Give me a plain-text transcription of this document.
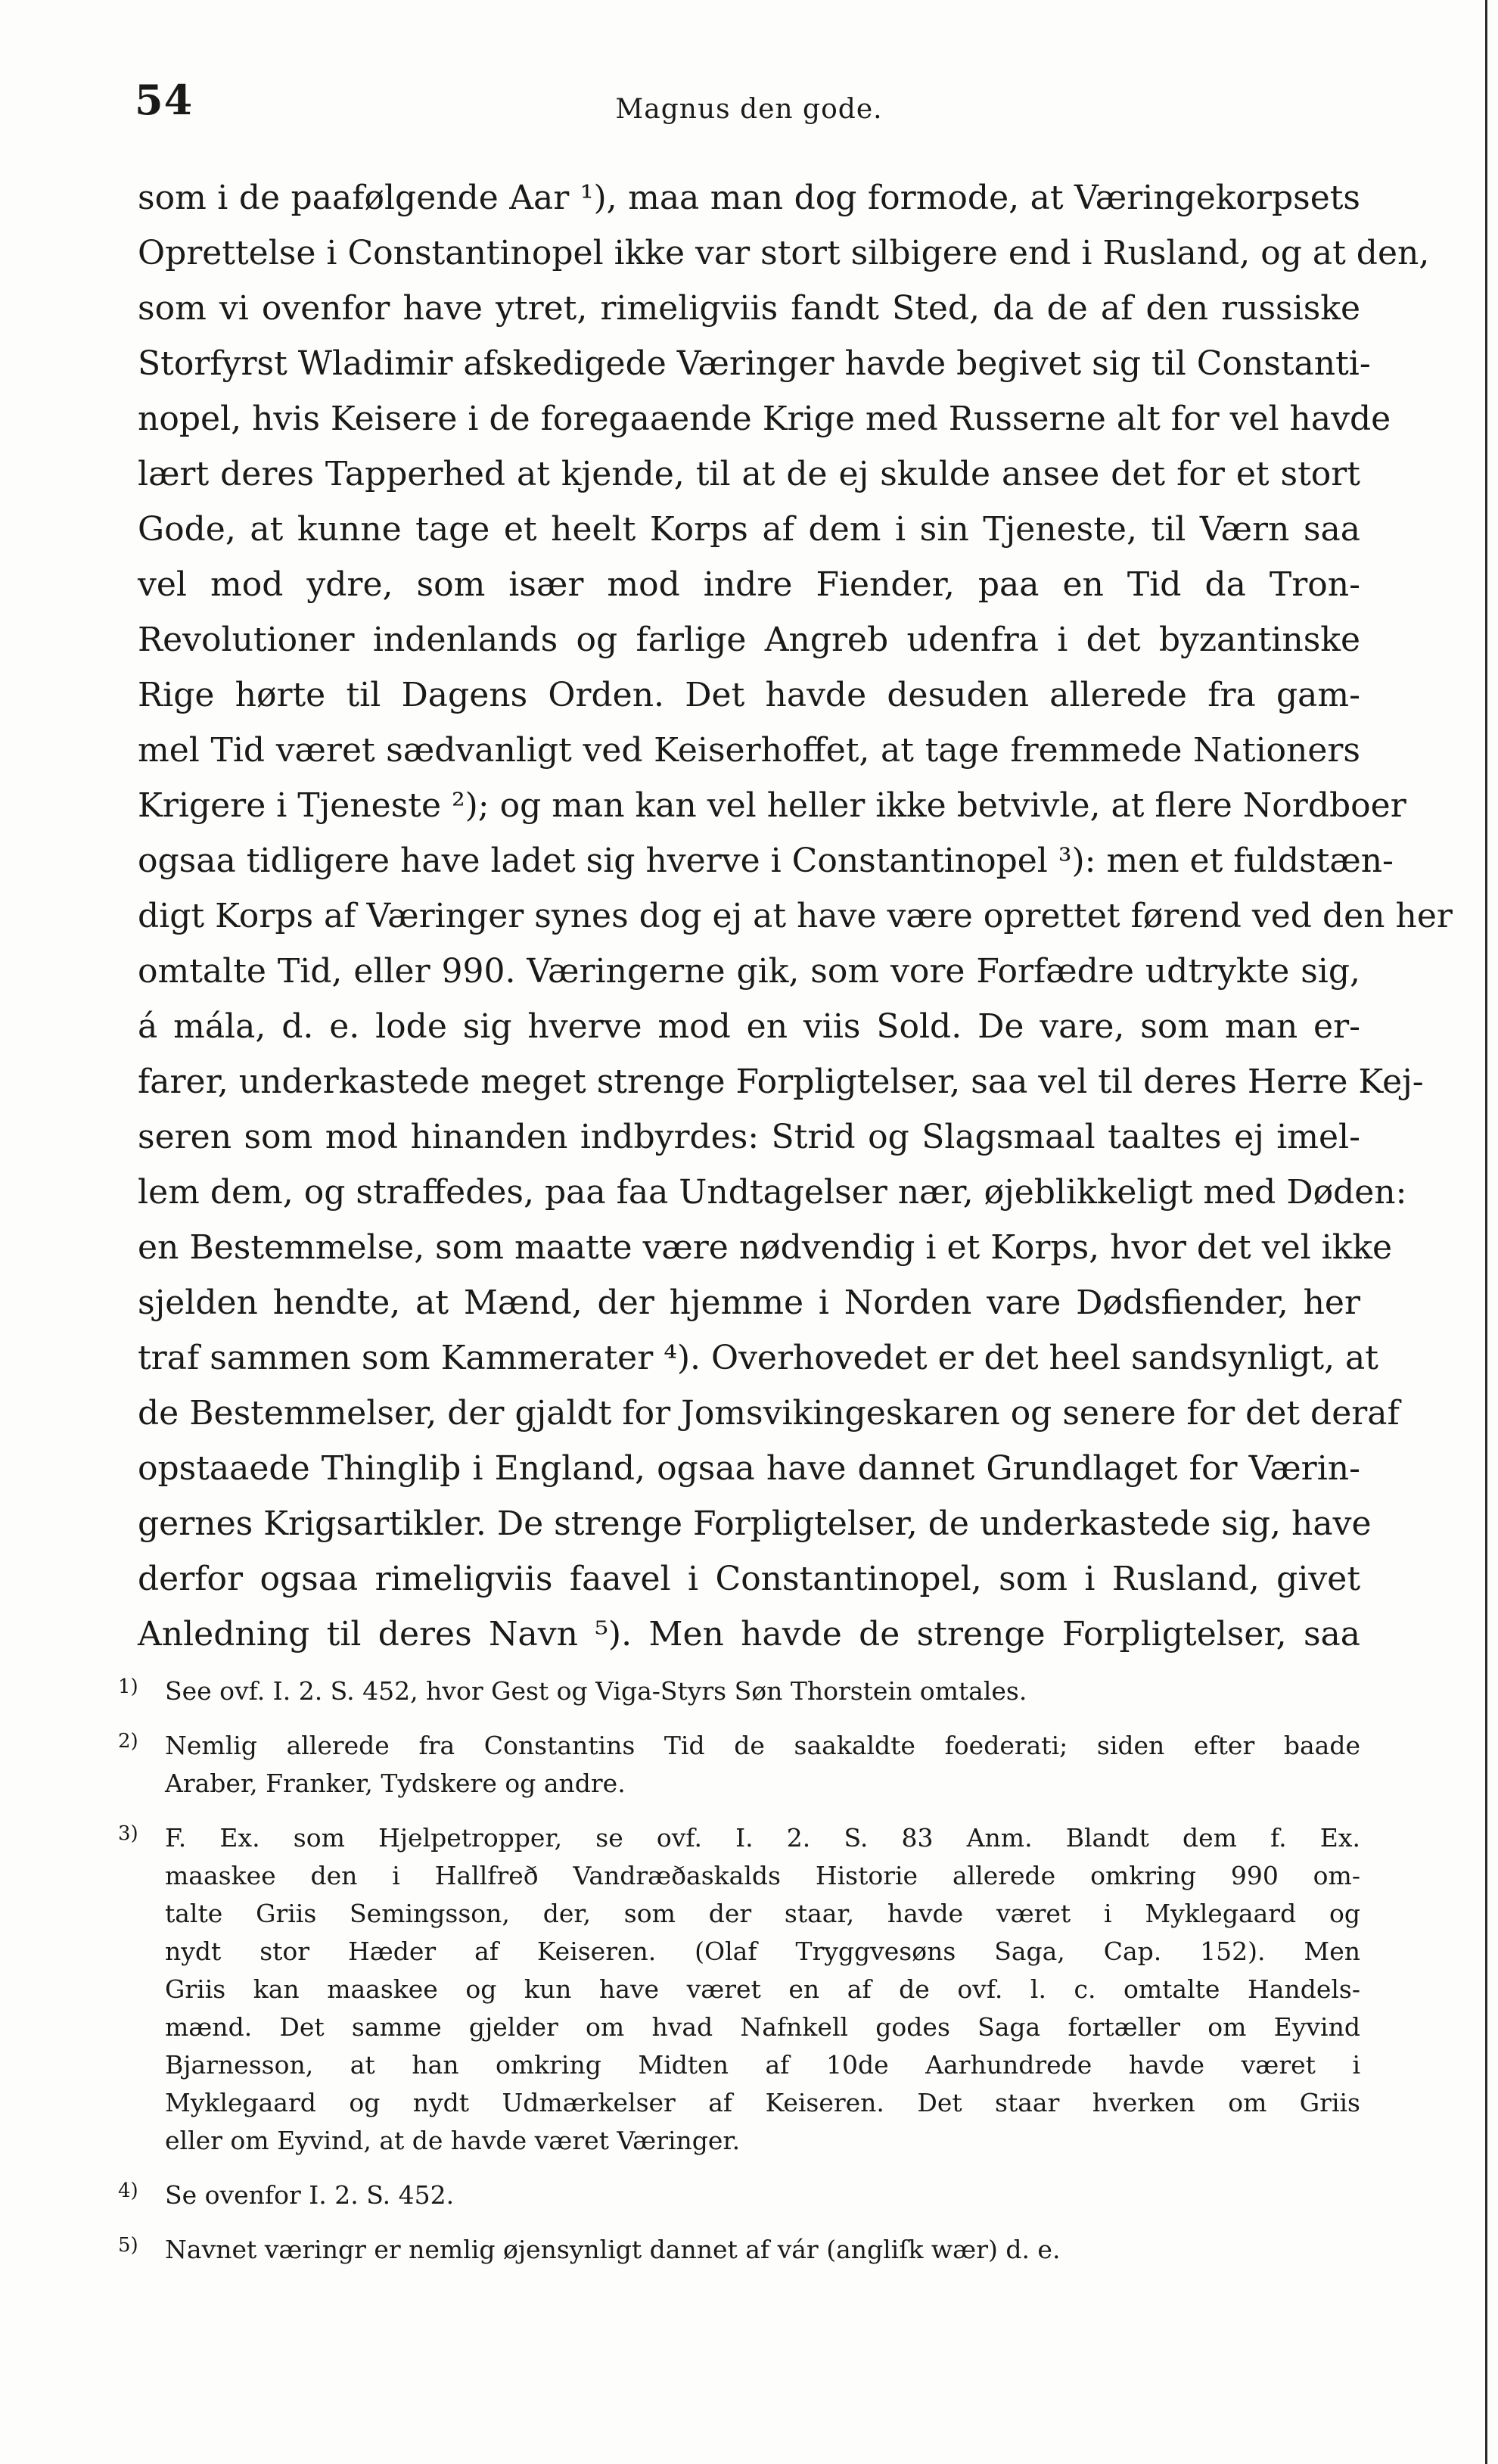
54	Magnus den gode.
som i de paafølgende Aar ¹), maa man dog formode, at Væringekorpsets
Oprettelse i Constantinopel ikke var stort silbigere end i Rusland, og at den,
som vi ovenfor have ytret, rimeligviis fandt Sted, da de af den russiske
Storfyrst Wladimir afskedigede Væringer havde begivet sig til Constanti-
nopel, hvis Keisere i de foregaaende Krige med Russerne alt for vel havde
lært deres Tapperhed at kjende, til at de ej skulde ansee det for et stort
Gode, at kunne tage et heelt Korps af dem i sin Tjeneste, til Værn saa
vel mod ydre, som især mod indre Fiender, paa en Tid da Tron-
Revolutioner indenlands og farlige Angreb udenfra i det byzantinske
Rige hørte til Dagens Orden. Det havde desuden allerede fra gam-
mel Tid været sædvanligt ved Keiserhoffet, at tage fremmede Nationers
Krigere i Tjeneste ²); og man kan vel heller ikke betvivle, at flere Nordboer
ogsaa tidligere have ladet sig hverve i Constantinopel ³): men et fuldstæn-
digt Korps af Væringer synes dog ej at have være oprettet førend ved den her
omtalte Tid, eller 990. Væringerne gik, som vore Forfædre udtrykte sig,
á mála, d. e. lode sig hverve mod en viis Sold. De vare, som man er-
farer, underkastede meget strenge Forpligtelser, saa vel til deres Herre Kej-
seren som mod hinanden indbyrdes: Strid og Slagsmaal taaltes ej imel-
lem dem, og straffedes, paa faa Undtagelser nær, øjeblikkeligt med Døden:
en Bestemmelse, som maatte være nødvendig i et Korps, hvor det vel ikke
sjelden hendte, at Mænd, der hjemme i Norden vare Dødsfiender, her
traf sammen som Kammerater ⁴). Overhovedet er det heel sandsynligt, at
de Bestemmelser, der gjaldt for Jomsvikingeskaren og senere for det deraf
opstaaede Thingliþ i England, ogsaa have dannet Grundlaget for Værin-
gernes Krigsartikler. De strenge Forpligtelser, de underkastede sig, have
derfor ogsaa rimeligviis faavel i Constantinopel, som i Rusland, givet
Anledning til deres Navn ⁵). Men havde de strenge Forpligtelser, saa
1) See ovf. I. 2. S. 452, hvor Gest og Viga-Styrs Søn Thorstein omtales.
2) Nemlig allerede fra Constantins Tid de saakaldte foederati; siden efter baade
Araber, Franker, Tydskere og andre.
3) F. Ex. som Hjelpetropper, se ovf. I. 2. S. 83 Anm. Blandt dem f. Ex.
maaskee den i Hallfreð Vandræðaskalds Historie allerede omkring 990 om-
talte Griis Semingsson, der, som der staar, havde været i Myklegaard og
nydt stor Hæder af Keiseren. (Olaf Tryggvesøns Saga, Cap. 152). Men
Griis kan maaskee og kun have været en af de ovf. l. c. omtalte Handels-
mænd. Det samme gjelder om hvad Nafnkell godes Saga fortæller om Eyvind
Bjarnesson, at han omkring Midten af 10de Aarhundrede havde været i
Myklegaard og nydt Udmærkelser af Keiseren. Det staar hverken om Griis
eller om Eyvind, at de havde været Væringer.
4) Se ovenfor I. 2. S. 452.
5) Navnet væringr er nemlig øjensynligt dannet af vár (angliſk wær) d. e.
